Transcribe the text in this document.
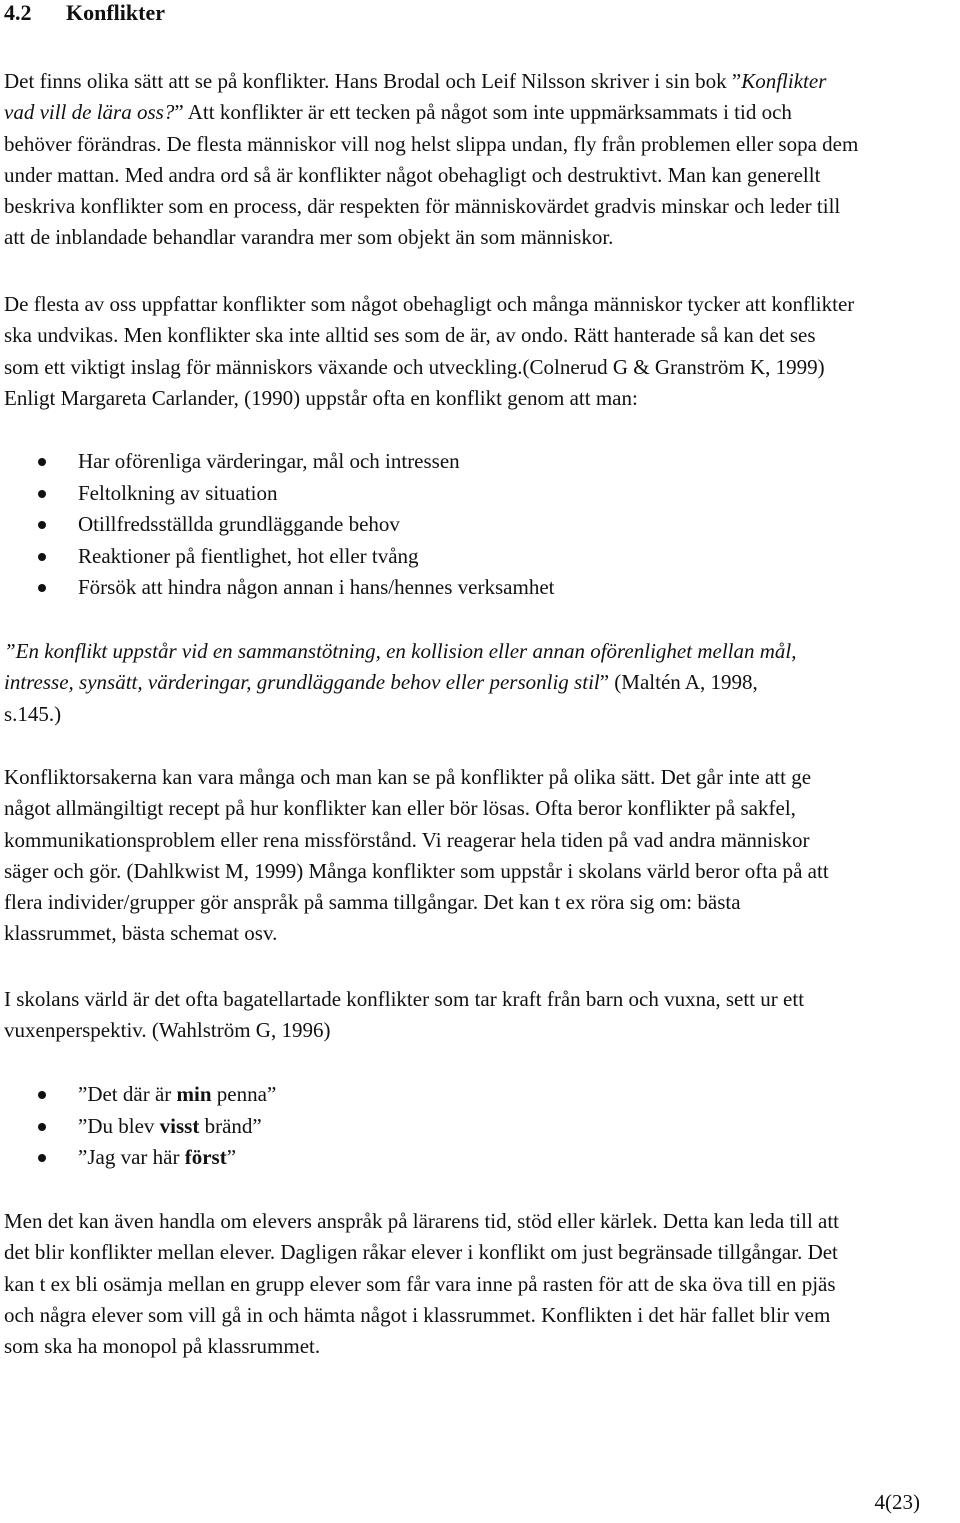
4.2 Konflikter

Det finns olika sätt att se på konflikter. Hans Brodal och Leif Nilsson skriver i sin bok ”Konflikter
vad vill de lära oss?” Att konflikter är ett tecken på något som inte uppmärksammats i tid och
behöver förändras. De flesta människor vill nog helst slippa undan, fly från problemen eller sopa dem
under mattan. Med andra ord så är konflikter något obehagligt och destruktivt. Man kan generellt
beskriva konflikter som en process, där respekten för människovärdet gradvis minskar och leder till
att de inblandade behandlar varandra mer som objekt än som människor.

De flesta av oss uppfattar konflikter som något obehagligt och många människor tycker att konflikter
ska undvikas. Men konflikter ska inte alltid ses som de är, av ondo. Rätt hanterade så kan det ses
som ett viktigt inslag för människors växande och utveckling.(Colnerud G & Granström K, 1999)
Enligt Margareta Carlander, (1990) uppstår ofta en konflikt genom att man:

Har oförenliga värderingar, mål och intressen
Feltolkning av situation
Otillfredsställda grundläggande behov
Reaktioner på fientlighet, hot eller tvång
Försök att hindra någon annan i hans/hennes verksamhet

”En konflikt uppstår vid en sammanstötning, en kollision eller annan oförenlighet mellan mål,
intresse, synsätt, värderingar, grundläggande behov eller personlig stil” (Maltén A, 1998,
s.145.)

Konfliktorsakerna kan vara många och man kan se på konflikter på olika sätt. Det går inte att ge
något allmängiltigt recept på hur konflikter kan eller bör lösas. Ofta beror konflikter på sakfel,
kommunikationsproblem eller rena missförstånd. Vi reagerar hela tiden på vad andra människor
säger och gör. (Dahlkwist M, 1999) Många konflikter som uppstår i skolans värld beror ofta på att
flera individer/grupper gör anspråk på samma tillgångar. Det kan t ex röra sig om: bästa
klassrummet, bästa schemat osv.

I skolans värld är det ofta bagatellartade konflikter som tar kraft från barn och vuxna, sett ur ett
vuxenperspektiv. (Wahlström G, 1996)

”Det där är min penna”
”Du blev visst bränd”
”Jag var här först”

Men det kan även handla om elevers anspråk på lärarens tid, stöd eller kärlek. Detta kan leda till att
det blir konflikter mellan elever. Dagligen råkar elever i konflikt om just begränsade tillgångar. Det
kan t ex bli osämja mellan en grupp elever som får vara inne på rasten för att de ska öva till en pjäs
och några elever som vill gå in och hämta något i klassrummet. Konflikten i det här fallet blir vem
som ska ha monopol på klassrummet.

4(23)
